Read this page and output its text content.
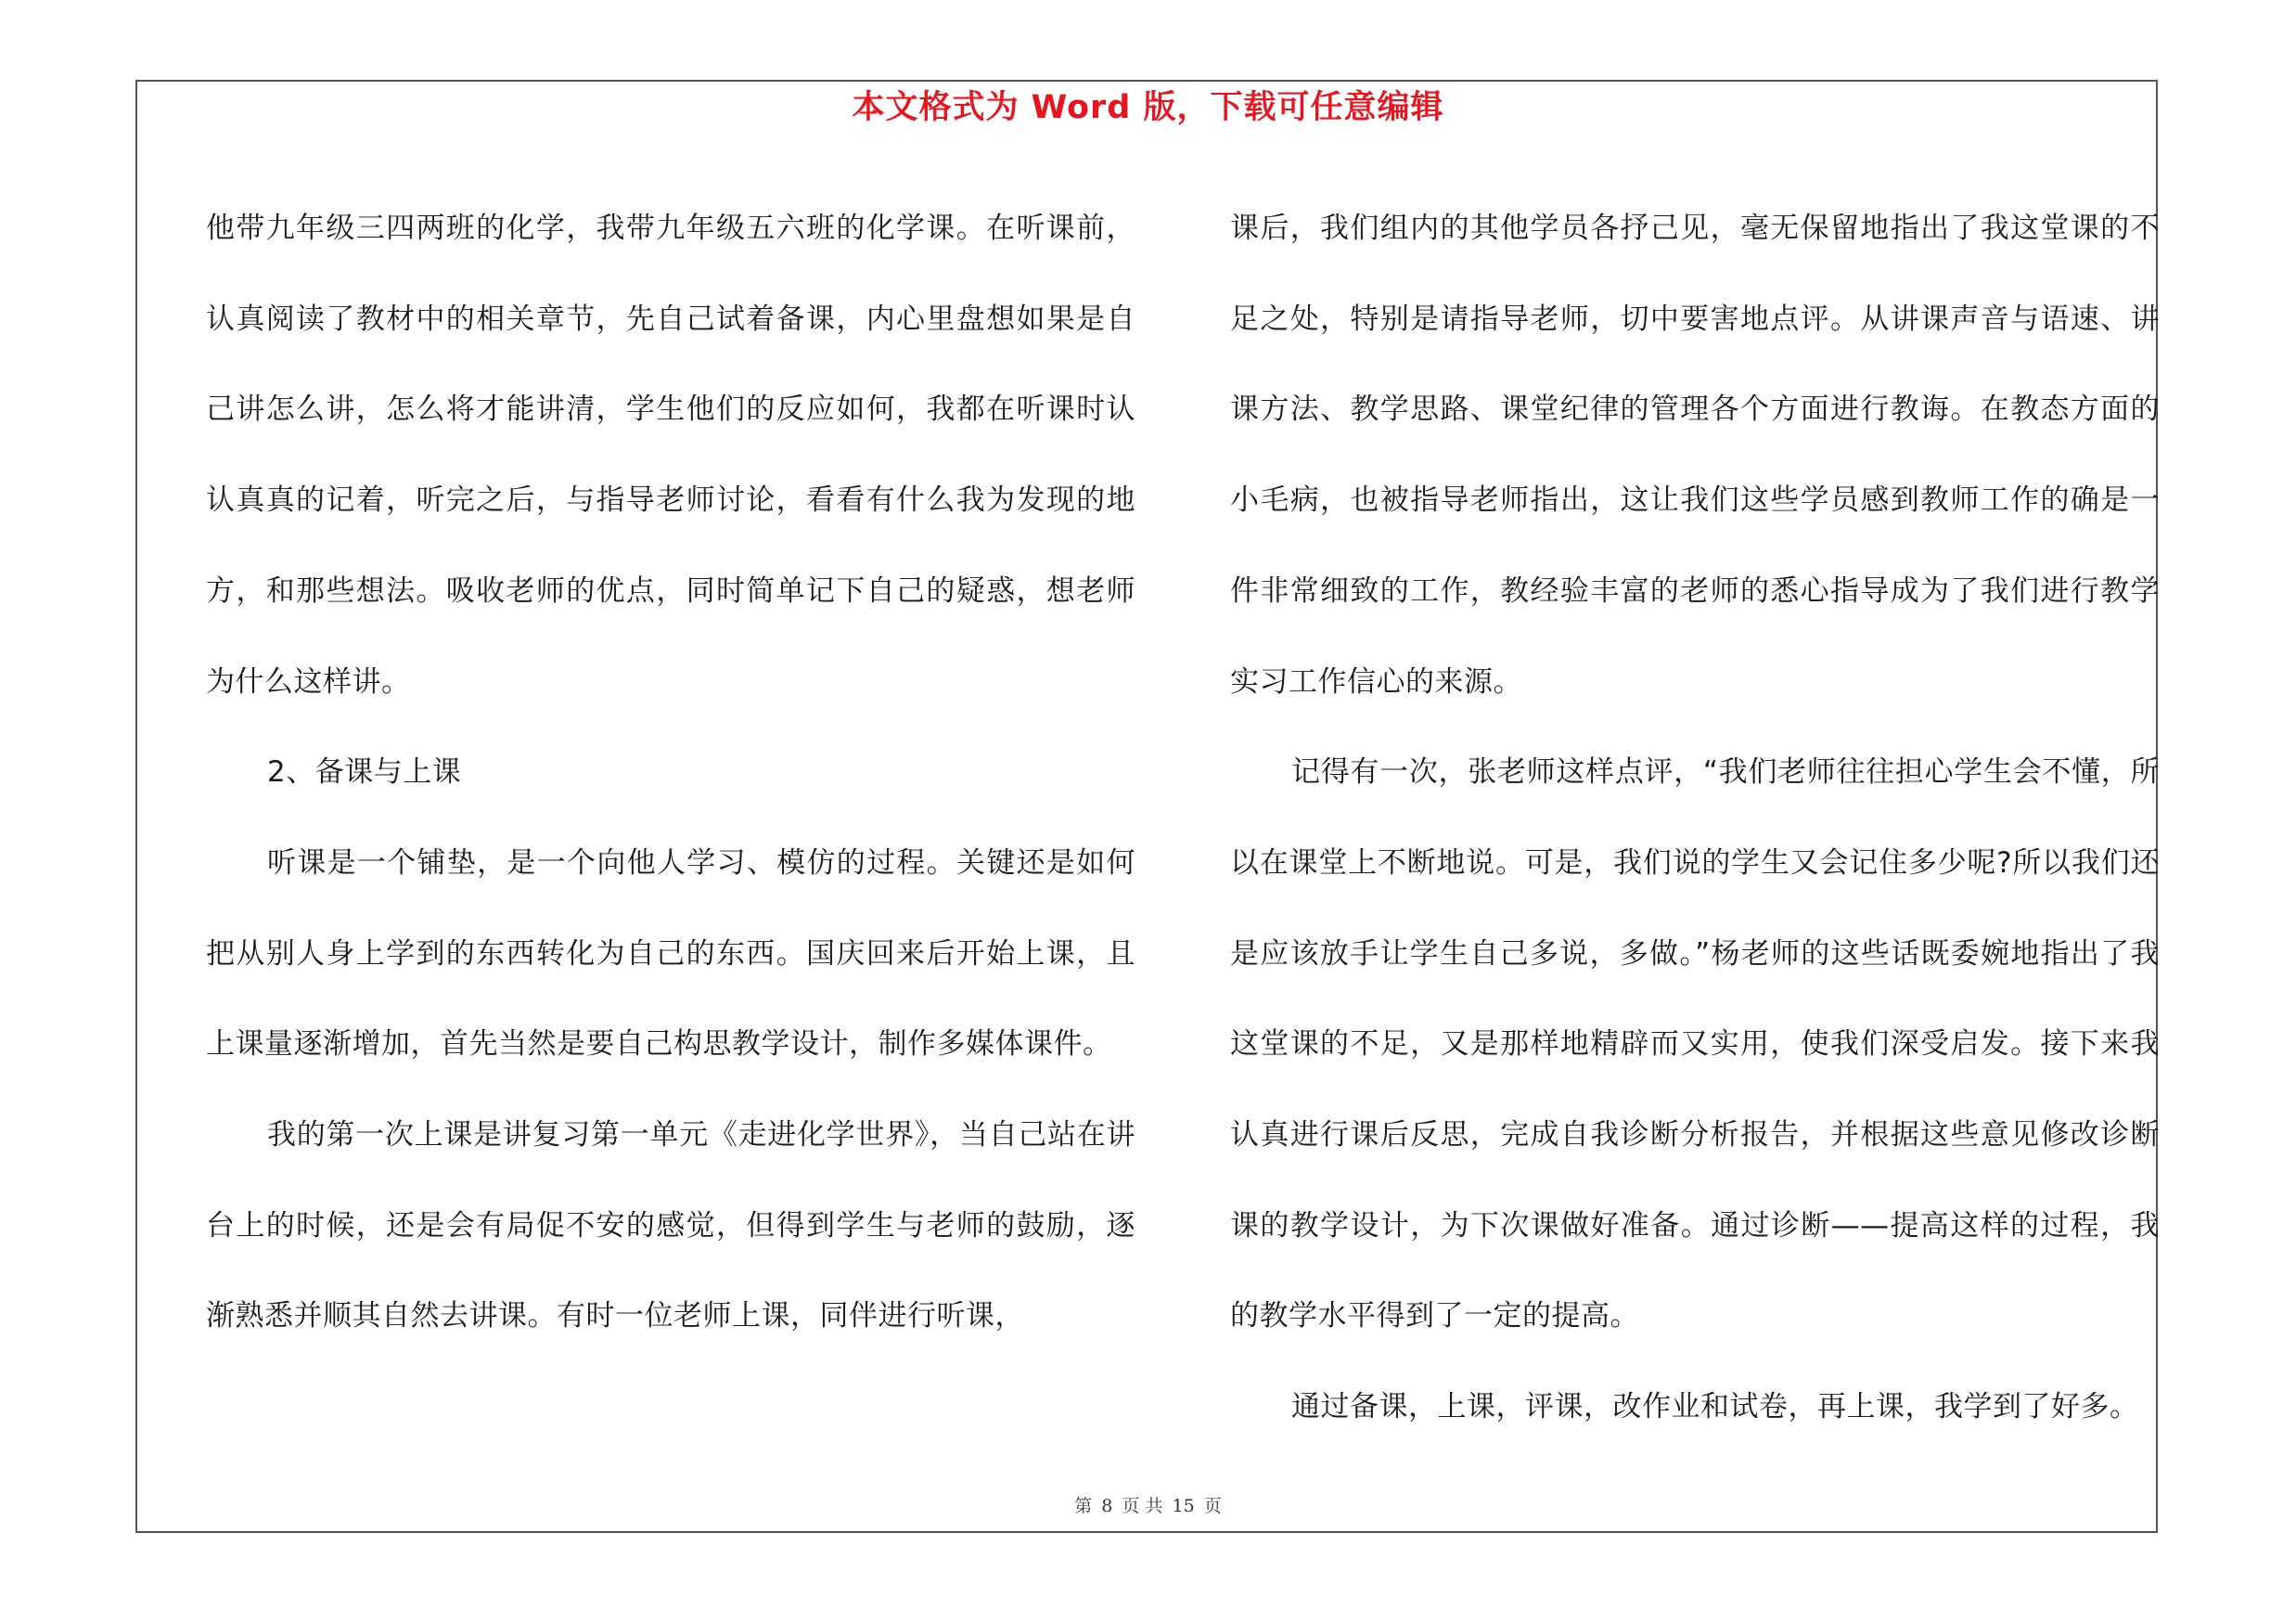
本文格式为 Word 版，下载可任意编辑

他带九年级三四两班的化学，我带九年级五六班的化学课。在听课前，认真阅读了教材中的相关章节，先自己试着备课，内心里盘想如果是自己讲怎么讲，怎么将才能讲清，学生他们的反应如何，我都在听课时认认真真的记着，听完之后，与指导老师讨论，看看有什么我为发现的地方，和那些想法。吸收老师的优点，同时简单记下自己的疑惑，想老师为什么这样讲。

2、备课与上课

听课是一个铺垫，是一个向他人学习、模仿的过程。关键还是如何把从别人身上学到的东西转化为自己的东西。国庆回来后开始上课，且上课量逐渐增加，首先当然是要自己构思教学设计，制作多媒体课件。

我的第一次上课是讲复习第一单元《走进化学世界》，当自己站在讲台上的时候，还是会有局促不安的感觉，但得到学生与老师的鼓励，逐渐熟悉并顺其自然去讲课。有时一位老师上课，同伴进行听课，

课后，我们组内的其他学员各抒己见，毫无保留地指出了我这堂课的不足之处，特别是请指导老师，切中要害地点评。从讲课声音与语速、讲课方法、教学思路、课堂纪律的管理各个方面进行教诲。在教态方面的小毛病，也被指导老师指出，这让我们这些学员感到教师工作的确是一件非常细致的工作，教经验丰富的老师的悉心指导成为了我们进行教学实习工作信心的来源。

记得有一次，张老师这样点评，“我们老师往往担心学生会不懂，所以在课堂上不断地说。可是，我们说的学生又会记住多少呢?所以我们还是应该放手让学生自己多说，多做。”杨老师的这些话既委婉地指出了我这堂课的不足，又是那样地精辟而又实用，使我们深受启发。接下来我认真进行课后反思，完成自我诊断分析报告，并根据这些意见修改诊断课的教学设计，为下次课做好准备。通过诊断——提高这样的过程，我的教学水平得到了一定的提高。

通过备课，上课，评课，改作业和试卷，再上课，我学到了好多。

第 8 页 共 15 页
